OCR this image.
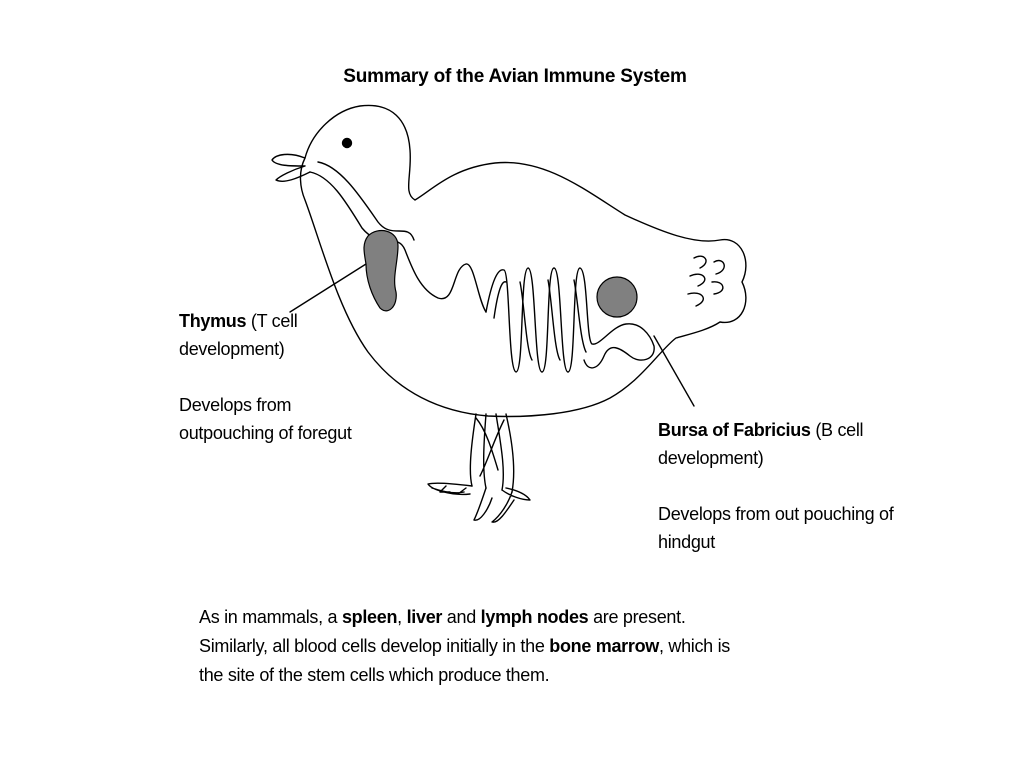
Summary of the Avian Immune System
Thymus (T cell development)
Develops from outpouching of foregut	Bursa of Fabricius (B cell development)
Develops from out pouching of hindgut
As in mammals, a spleen, liver and lymph nodes are present.
Similarly, all blood cells develop initially in the bone marrow, which is
the site of the stem cells which produce them.
